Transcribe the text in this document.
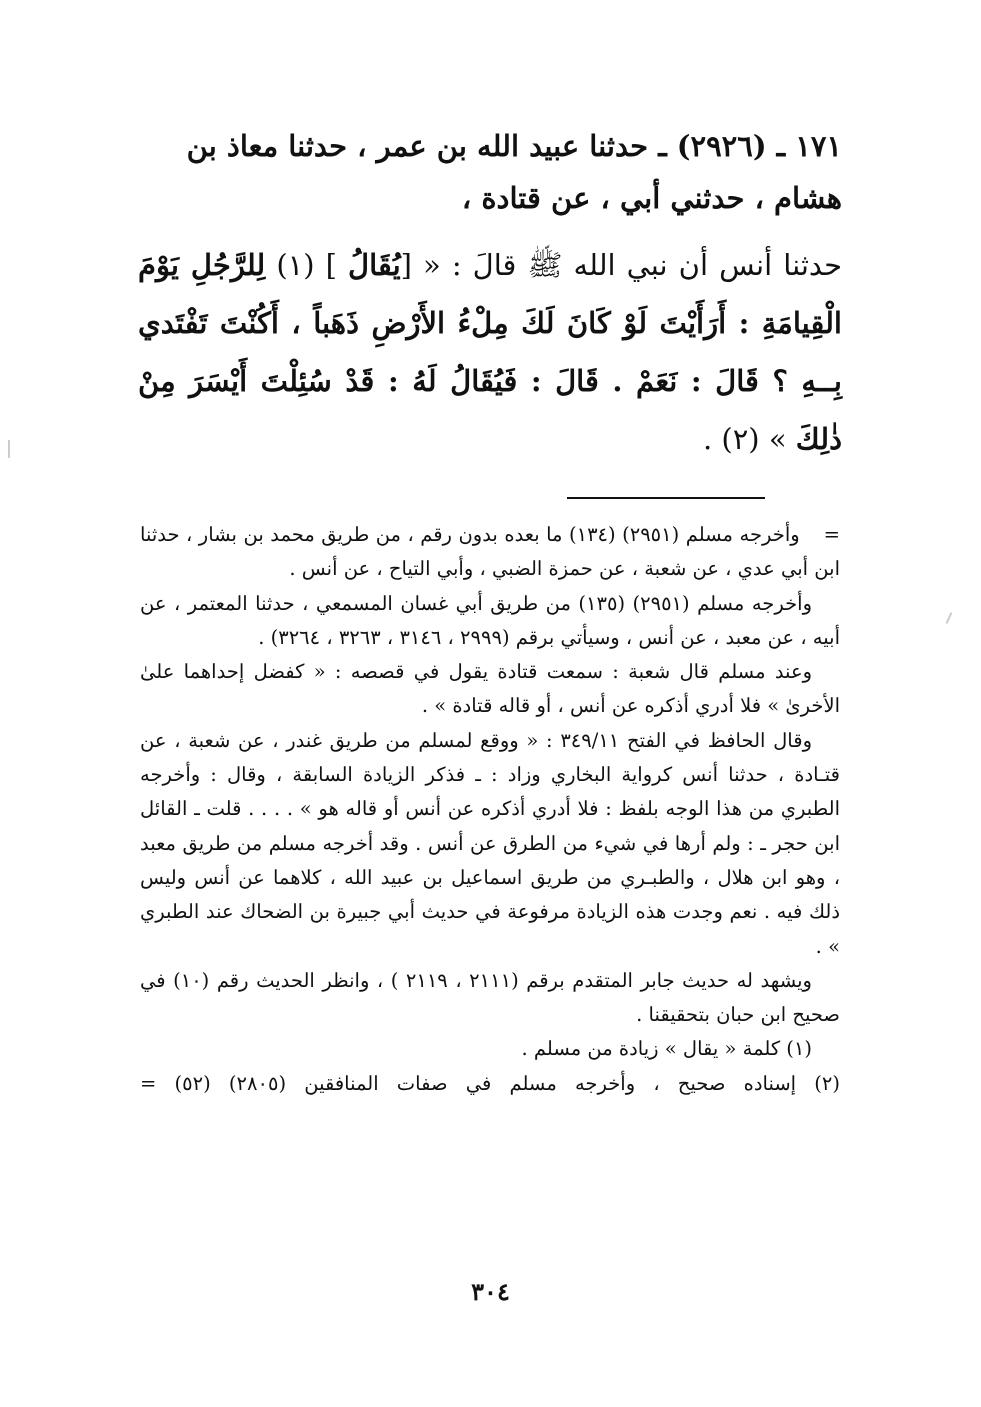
١٧١ ـ (٢٩٢٦) ـ حدثنا عبيد الله بن عمر ، حدثنا معاذ بن
هشام ، حدثني أبي ، عن قتادة ،
حدثنا أنس أن نبي الله ﷺ قالَ : « [يُقَالُ ] (١) لِلرَّجُلِ يَوْمَ الْقِيامَةِ : أَرَأَيْتَ لَوْ كَانَ لَكَ مِلْءُ الأَرْضِ ذَهَباً ، أَكُنْتَ تَفْتَدي بِــهِ ؟ قَالَ : نَعَمْ . قَالَ : فَيُقَالُ لَهُ : قَدْ سُئِلْتَ أَيْسَرَ مِنْ ذٰلِكَ » (٢) .

=وأخرجه مسلم (٢٩٥١) (١٣٤) ما بعده بدون رقم ، من طريق محمد بن بشار ، حدثنا ابن أبي عدي ، عن شعبة ، عن حمزة الضبي ، وأبي التياح ، عن أنس .

وأخرجه مسلم (٢٩٥١) (١٣٥) من طريق أبي غسان المسمعي ، حدثنا المعتمر ، عن أبيه ، عن معبد ، عن أنس ، وسيأتي برقم (٢٩٩٩ ، ٣١٤٦ ، ٣٢٦٣ ، ٣٢٦٤) .

وعند مسلم قال شعبة : سمعت قتادة يقول في قصصه : « كفضل إحداهما علىٰ الأخرىٰ » فلا أدري أذكره عن أنس ، أو قاله قتادة » .

وقال الحافظ في الفتح ٣٤٩/١١ : « ووقع لمسلم من طريق غندر ، عن شعبة ، عن قتـادة ، حدثنا أنس كرواية البخاري وزاد : ـ فذكر الزيادة السابقة ، وقال : وأخرجه الطبري من هذا الوجه بلفظ : فلا أدري أذكره عن أنس أو قاله هو » . . . . قلت ـ القائل ابن حجر ـ : ولم أرها في شيء من الطرق عن أنس . وقد أخرجه مسلم من طريق معبد ، وهو ابن هلال ، والطبـري من طريق اسماعيل بن عبيد الله ، كلاهما عن أنس وليس ذلك فيه . نعم وجدت هذه الزيادة مرفوعة في حديث أبي جبيرة بن الضحاك عند الطبري » .

ويشهد له حديث جابر المتقدم برقم (٢١١١ ، ٢١١٩ ) ، وانظر الحديث رقم (١٠) في صحيح ابن حبان بتحقيقنا .

(١) كلمة « يقال » زيادة من مسلم .

(٢) إسناده صحيح ، وأخرجه مسلم في صفات المنافقين (٢٨٠٥) (٥٢) =

٣٠٤
